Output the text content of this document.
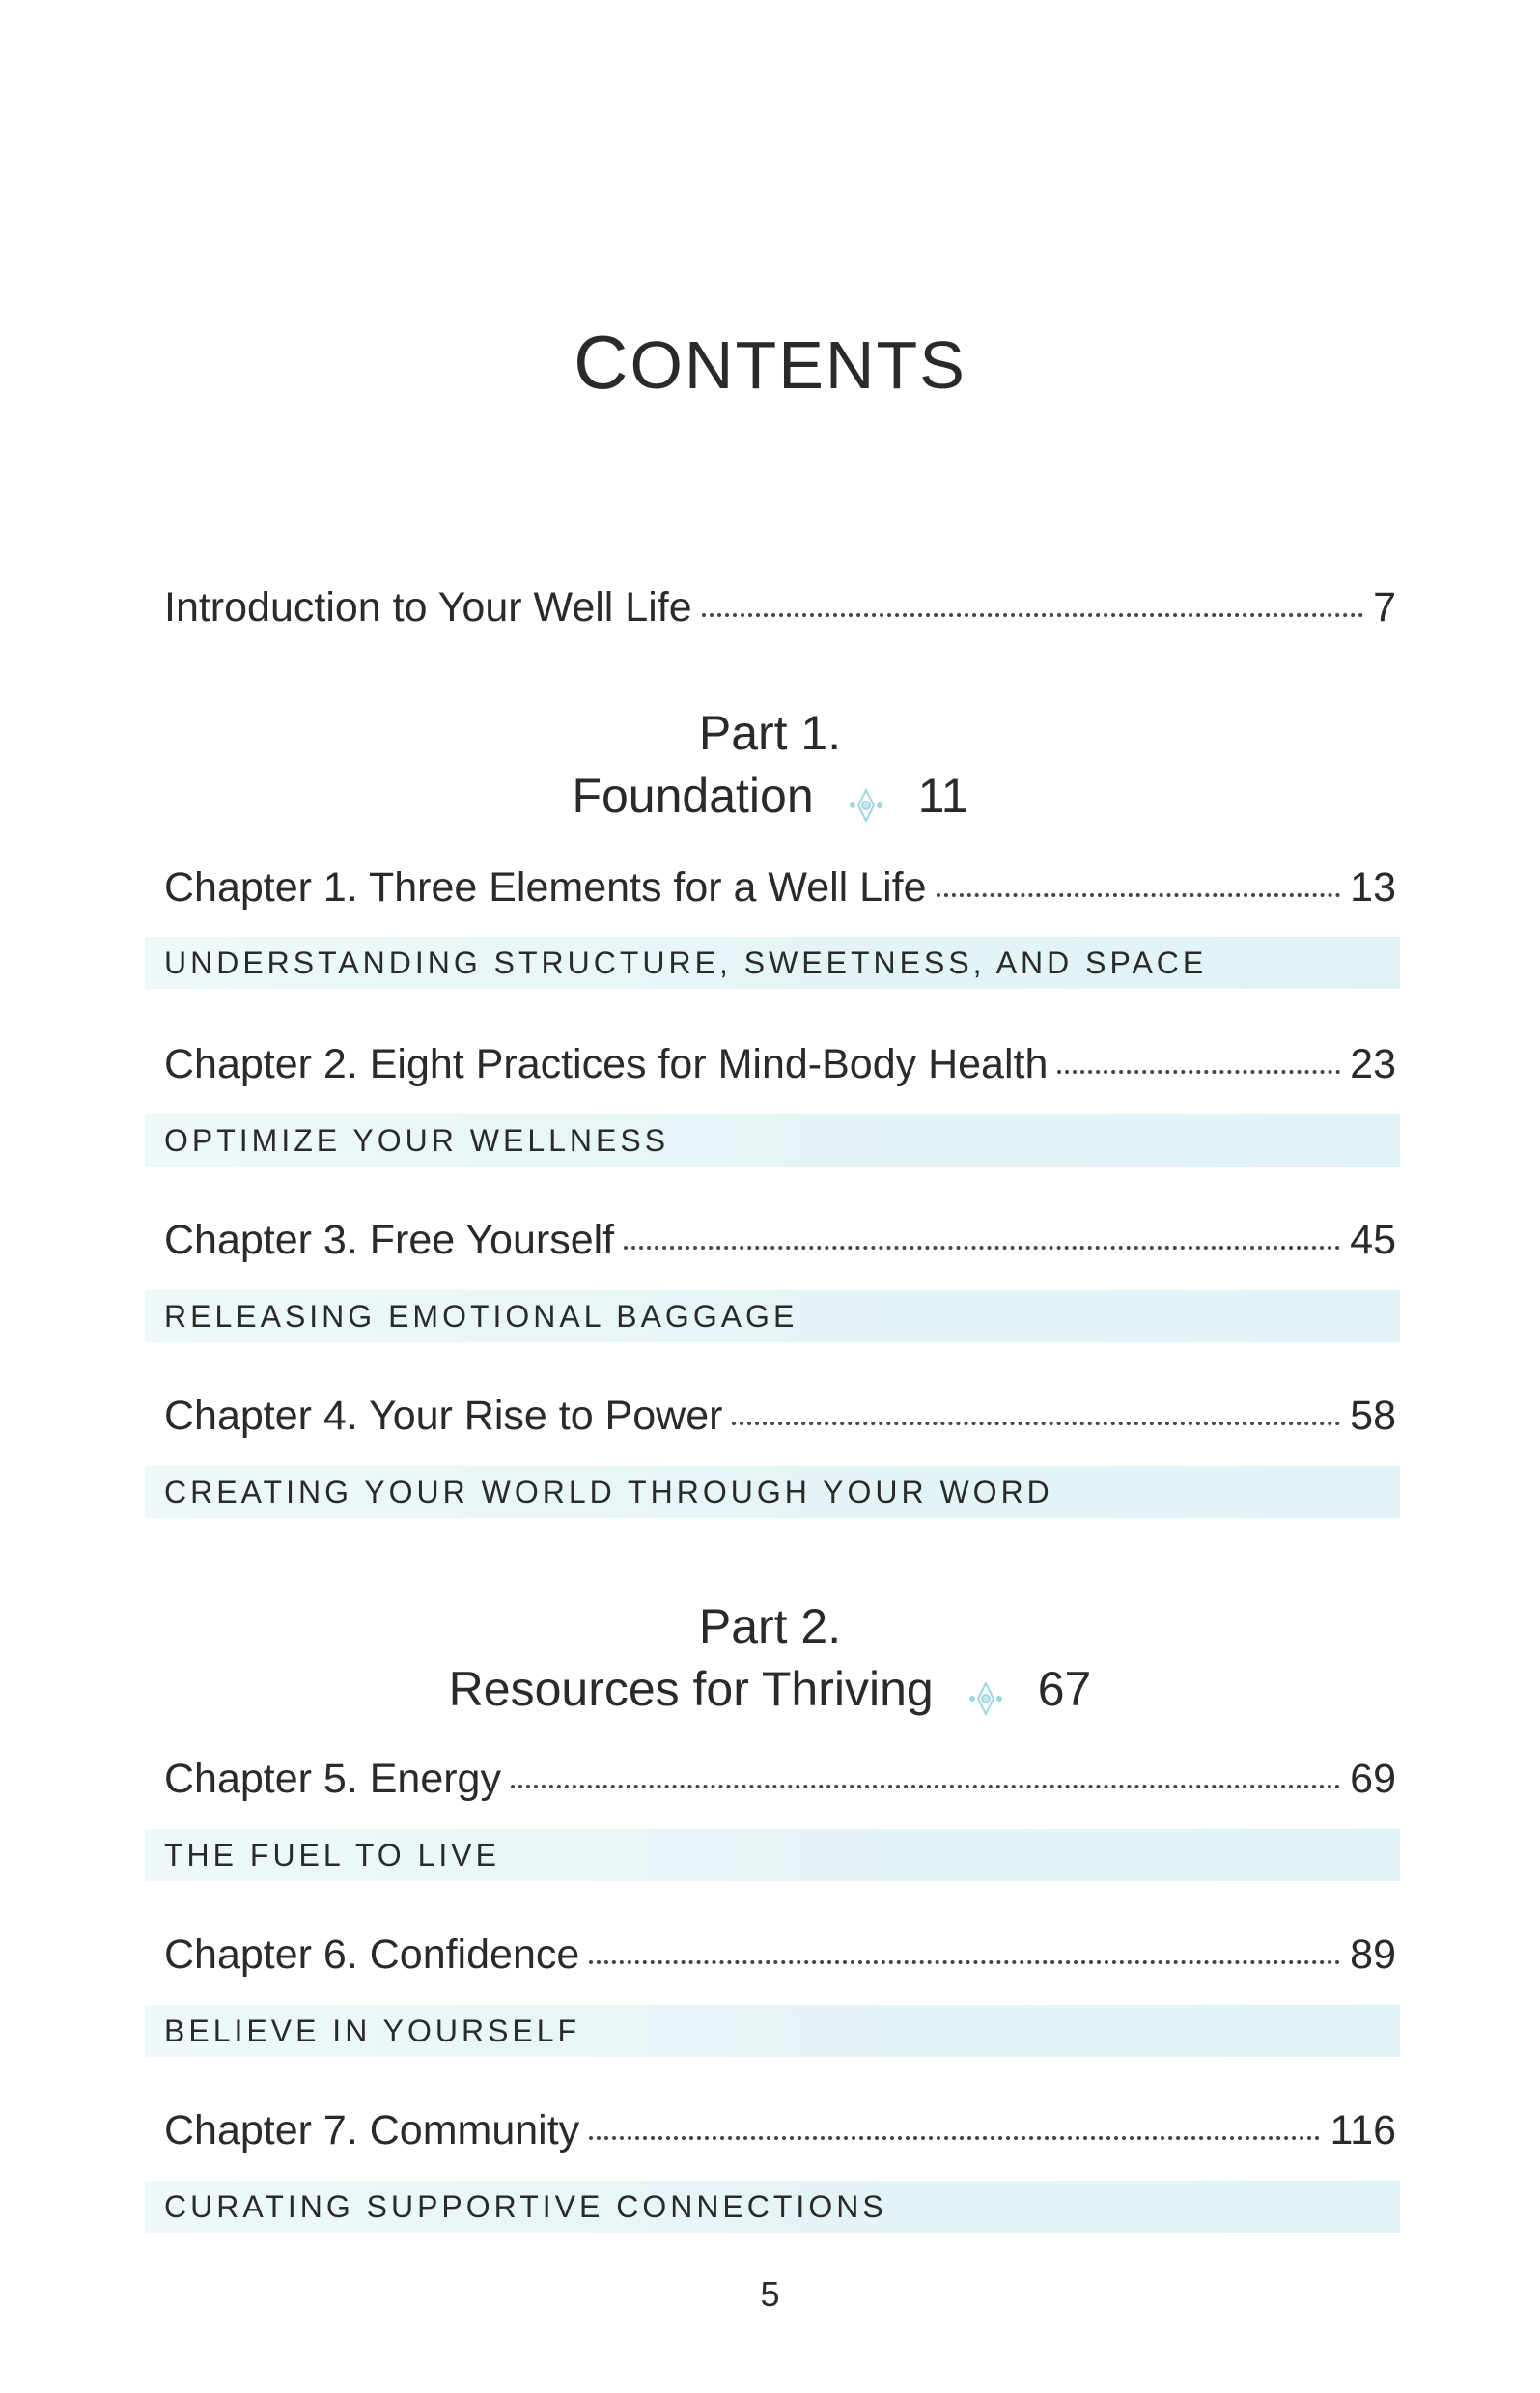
CONTENTS
Introduction to Your Well Life	7
Part 1.
Foundation 11
Chapter 1. Three Elements for a Well Life	13
UNDERSTANDING STRUCTURE, SWEETNESS, AND SPACE
Chapter 2. Eight Practices for Mind-Body Health	23
OPTIMIZE YOUR WELLNESS
Chapter 3. Free Yourself	45
RELEASING EMOTIONAL BAGGAGE
Chapter 4. Your Rise to Power	58
CREATING YOUR WORLD THROUGH YOUR WORD
Part 2.
Resources for Thriving 67
Chapter 5. Energy	69
THE FUEL TO LIVE
Chapter 6. Confidence	89
BELIEVE IN YOURSELF
Chapter 7. Community	116
CURATING SUPPORTIVE CONNECTIONS
5
